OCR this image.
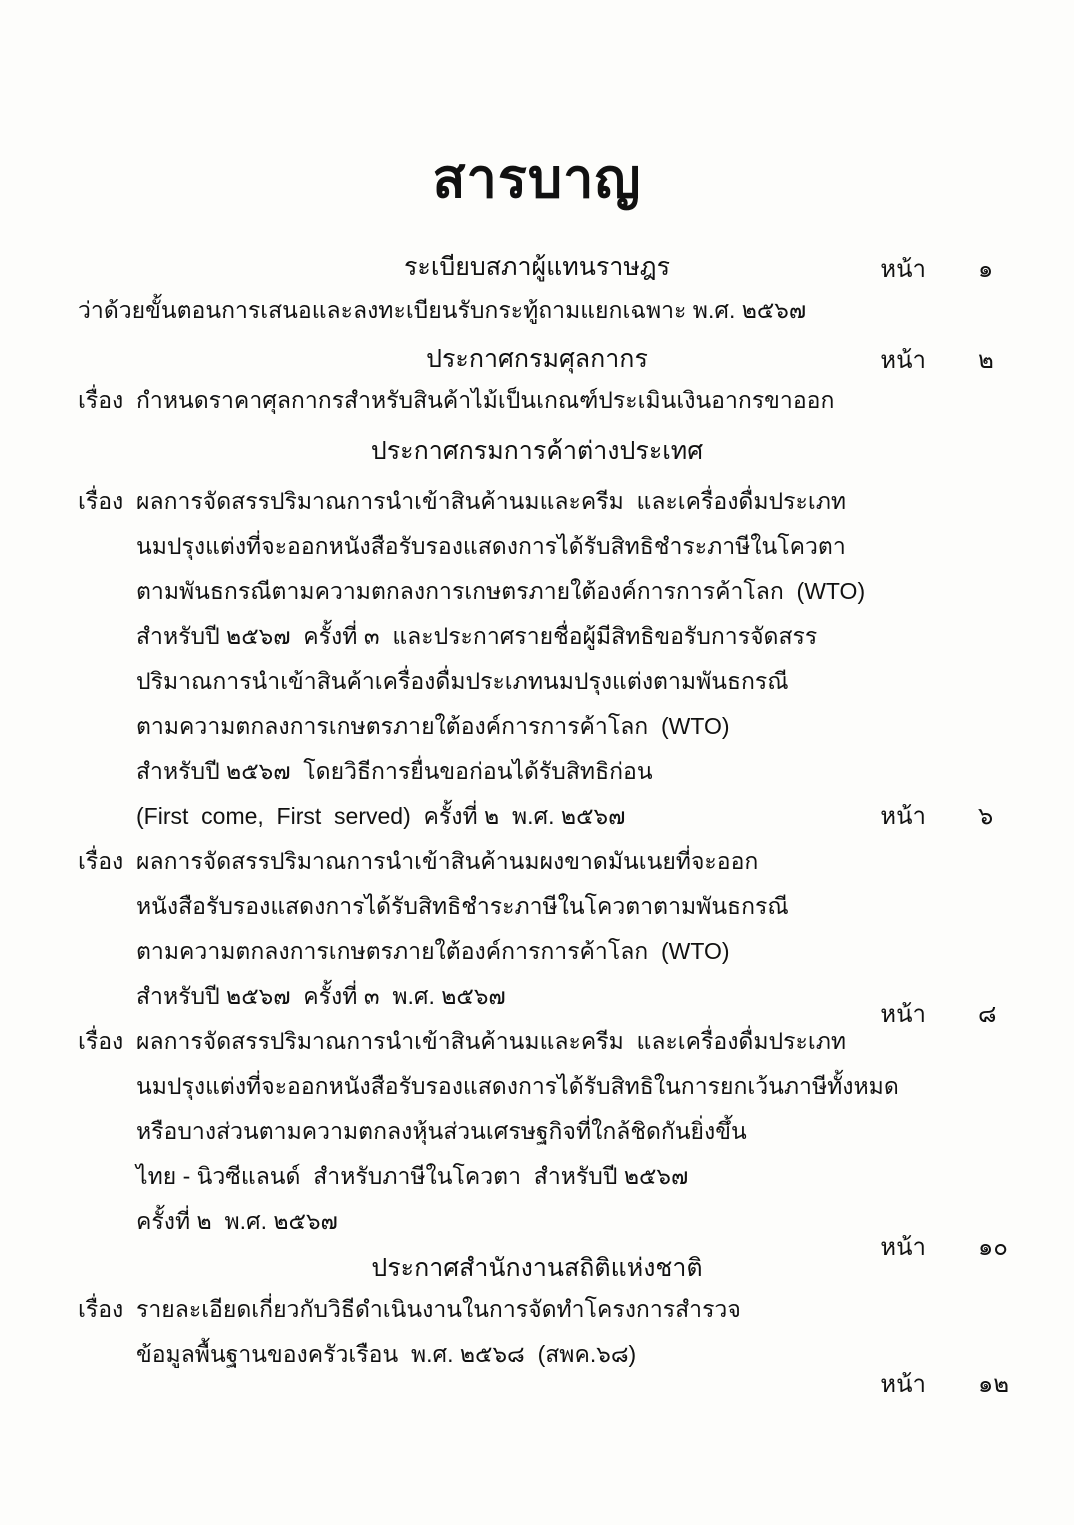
สารบาญ
ระเบียบสภาผู้แทนราษฎร
ว่าด้วยขั้นตอนการเสนอและลงทะเบียนรับกระทู้ถามแยกเฉพาะ พ.ศ. ๒๕๖๗
หน้า ๑
ประกาศกรมศุลกากร
เรื่อง กำหนดราคาศุลกากรสำหรับสินค้าไม้เป็นเกณฑ์ประเมินเงินอากรขาออก
หน้า ๒
ประกาศกรมการค้าต่างประเทศ
เรื่อง ผลการจัดสรรปริมาณการนำเข้าสินค้านมและครีม  และเครื่องดื่มประเภท
นมปรุงแต่งที่จะออกหนังสือรับรองแสดงการได้รับสิทธิชำระภาษีในโควตา
ตามพันธกรณีตามความตกลงการเกษตรภายใต้องค์การการค้าโลก  (WTO)
สำหรับปี ๒๕๖๗  ครั้งที่ ๓  และประกาศรายชื่อผู้มีสิทธิขอรับการจัดสรร
ปริมาณการนำเข้าสินค้าเครื่องดื่มประเภทนมปรุงแต่งตามพันธกรณี
ตามความตกลงการเกษตรภายใต้องค์การการค้าโลก  (WTO)
สำหรับปี ๒๕๖๗  โดยวิธีการยื่นขอก่อนได้รับสิทธิก่อน
(First  come,  First  served)  ครั้งที่ ๒  พ.ศ. ๒๕๖๗	หน้า ๖
เรื่อง ผลการจัดสรรปริมาณการนำเข้าสินค้านมผงขาดมันเนยที่จะออก
หนังสือรับรองแสดงการได้รับสิทธิชำระภาษีในโควตาตามพันธกรณี
ตามความตกลงการเกษตรภายใต้องค์การการค้าโลก  (WTO)
สำหรับปี ๒๕๖๗  ครั้งที่ ๓  พ.ศ. ๒๕๖๗
หน้า ๘
เรื่อง ผลการจัดสรรปริมาณการนำเข้าสินค้านมและครีม  และเครื่องดื่มประเภท
นมปรุงแต่งที่จะออกหนังสือรับรองแสดงการได้รับสิทธิในการยกเว้นภาษีทั้งหมด
หรือบางส่วนตามความตกลงหุ้นส่วนเศรษฐกิจที่ใกล้ชิดกันยิ่งขึ้น
ไทย - นิวซีแลนด์  สำหรับภาษีในโควตา  สำหรับปี ๒๕๖๗
ครั้งที่ ๒  พ.ศ. ๒๕๖๗
หน้า ๑๐
ประกาศสำนักงานสถิติแห่งชาติ
เรื่อง รายละเอียดเกี่ยวกับวิธีดำเนินงานในการจัดทำโครงการสำรวจ
ข้อมูลพื้นฐานของครัวเรือน  พ.ศ. ๒๕๖๘  (สพค.๖๘)
หน้า ๑๒
